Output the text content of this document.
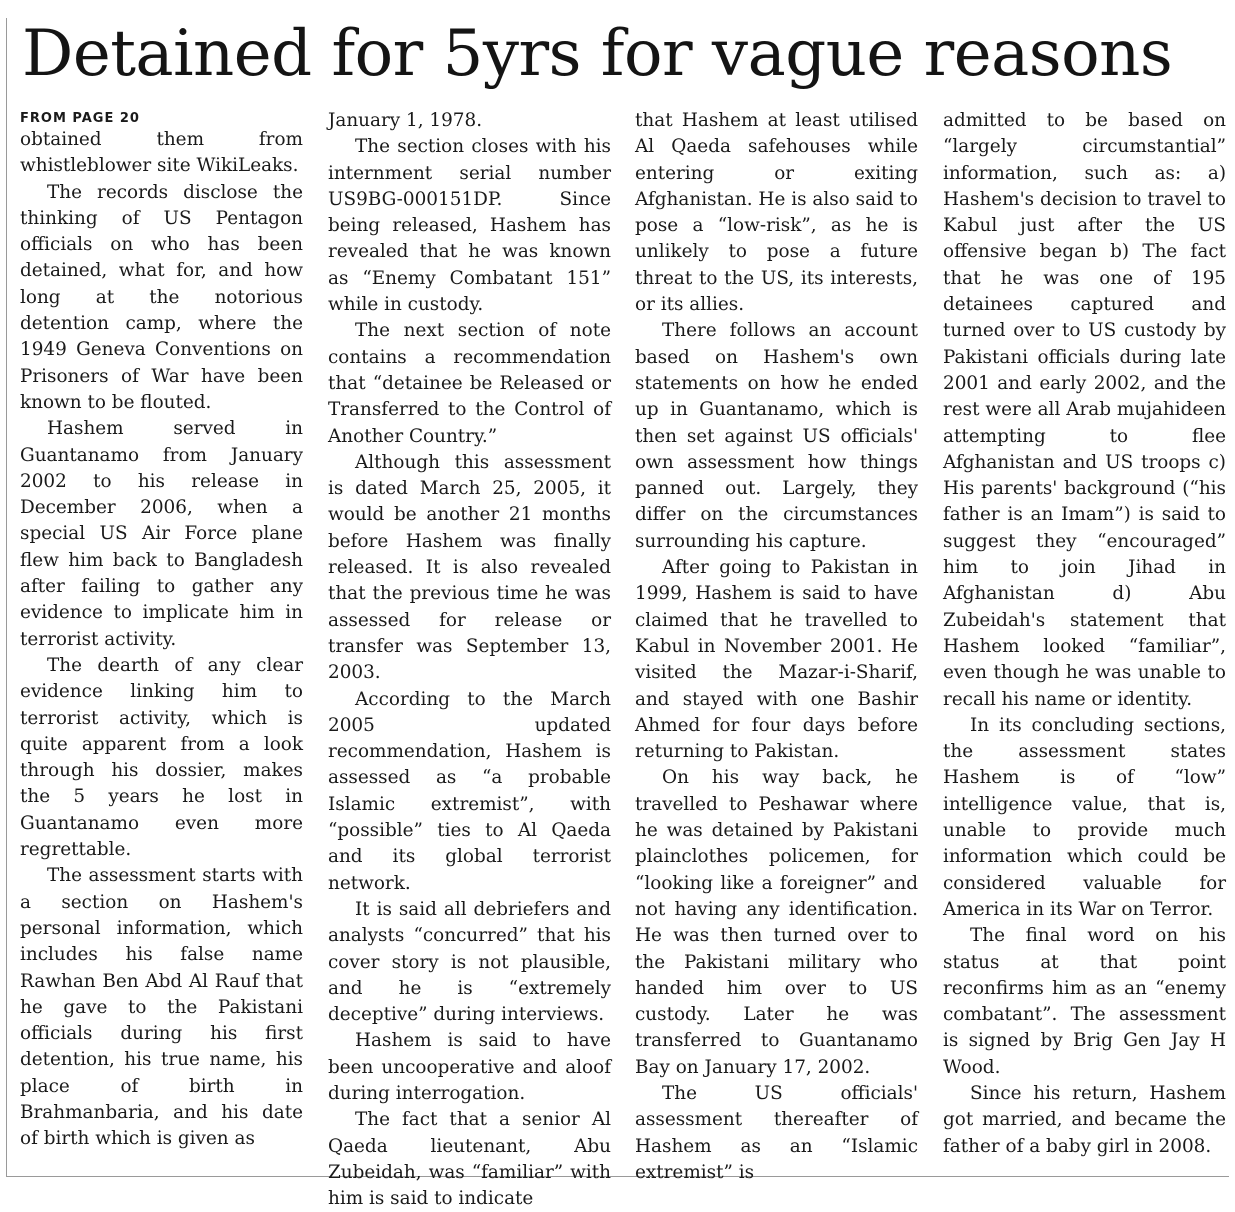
Detained for 5yrs for vague reasons
FROM PAGE 20

obtained them from whistleblower site WikiLeaks.

The records disclose the thinking of US Pentagon officials on who has been detained, what for, and how long at the notorious detention camp, where the 1949 Geneva Conventions on Prisoners of War have been known to be flouted.

Hashem served in Guantanamo from January 2002 to his release in December 2006, when a special US Air Force plane flew him back to Bangladesh after failing to gather any evidence to implicate him in terrorist activity.

The dearth of any clear evidence linking him to terrorist activity, which is quite apparent from a look through his dossier, makes the 5 years he lost in Guantanamo even more regrettable.

The assessment starts with a section on Hashem's personal information, which includes his false name Rawhan Ben Abd Al Rauf that he gave to the Pakistani officials during his first detention, his true name, his place of birth in Brahmanbaria, and his date of birth which is given as

January 1, 1978.

The section closes with his internment serial number US9BG-000151DP. Since being released, Hashem has revealed that he was known as “Enemy Combatant 151” while in custody.

The next section of note contains a recommendation that “detainee be Released or Transferred to the Control of Another Country.”

Although this assessment is dated March 25, 2005, it would be another 21 months before Hashem was finally released. It is also revealed that the previous time he was assessed for release or transfer was September 13, 2003.

According to the March 2005 updated recommendation, Hashem is assessed as “a probable Islamic extremist”, with “possible” ties to Al Qaeda and its global terrorist network.

It is said all debriefers and analysts “concurred” that his cover story is not plausible, and he is “extremely deceptive” during interviews.

Hashem is said to have been uncooperative and aloof during interrogation.

The fact that a senior Al Qaeda lieutenant, Abu Zubeidah, was “familiar” with him is said to indicate

that Hashem at least utilised Al Qaeda safehouses while entering or exiting Afghanistan. He is also said to pose a “low-risk”, as he is unlikely to pose a future threat to the US, its interests, or its allies.

There follows an account based on Hashem's own statements on how he ended up in Guantanamo, which is then set against US officials' own assessment how things panned out. Largely, they differ on the circumstances surrounding his capture.

After going to Pakistan in 1999, Hashem is said to have claimed that he travelled to Kabul in November 2001. He visited the Mazar-i-Sharif, and stayed with one Bashir Ahmed for four days before returning to Pakistan.

On his way back, he travelled to Peshawar where he was detained by Pakistani plainclothes policemen, for “looking like a foreigner” and not having any identification. He was then turned over to the Pakistani military who handed him over to US custody. Later he was transferred to Guantanamo Bay on January 17, 2002.

The US officials' assessment thereafter of Hashem as an “Islamic extremist” is

admitted to be based on “largely circumstantial” information, such as: a) Hashem's decision to travel to Kabul just after the US offensive began b) The fact that he was one of 195 detainees captured and turned over to US custody by Pakistani officials during late 2001 and early 2002, and the rest were all Arab mujahideen attempting to flee Afghanistan and US troops c) His parents' background (“his father is an Imam”) is said to suggest they “encouraged” him to join Jihad in Afghanistan d) Abu Zubeidah's statement that Hashem looked “familiar”, even though he was unable to recall his name or identity.

In its concluding sections, the assessment states Hashem is of “low” intelligence value, that is, unable to provide much information which could be considered valuable for America in its War on Terror.

The final word on his status at that point reconfirms him as an “enemy combatant”. The assessment is signed by Brig Gen Jay H Wood.

Since his return, Hashem got married, and became the father of a baby girl in 2008.
